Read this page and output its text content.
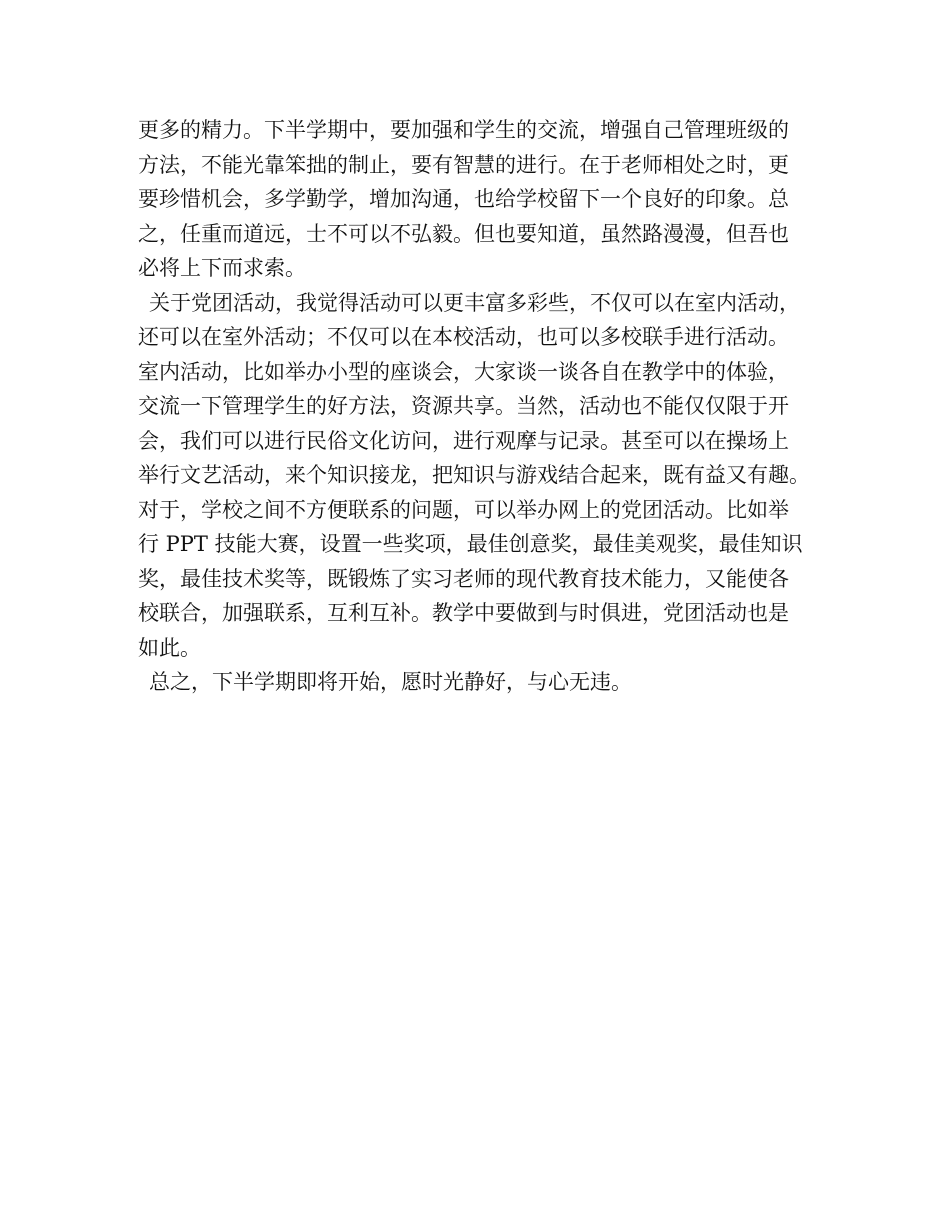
更多的精力。下半学期中，要加强和学生的交流，增强自己管理班级的
方法，不能光靠笨拙的制止，要有智慧的进行。在于老师相处之时，更
要珍惜机会，多学勤学，增加沟通，也给学校留下一个良好的印象。总
之，任重而道远，士不可以不弘毅。但也要知道，虽然路漫漫，但吾也
必将上下而求索。
关于党团活动，我觉得活动可以更丰富多彩些，不仅可以在室内活动，
还可以在室外活动；不仅可以在本校活动，也可以多校联手进行活动。
室内活动，比如举办小型的座谈会，大家谈一谈各自在教学中的体验，
交流一下管理学生的好方法，资源共享。当然，活动也不能仅仅限于开
会，我们可以进行民俗文化访问，进行观摩与记录。甚至可以在操场上
举行文艺活动，来个知识接龙，把知识与游戏结合起来，既有益又有趣。
对于，学校之间不方便联系的问题，可以举办网上的党团活动。比如举
行 PPT 技能大赛，设置一些奖项，最佳创意奖，最佳美观奖，最佳知识
奖，最佳技术奖等，既锻炼了实习老师的现代教育技术能力，又能使各
校联合，加强联系，互利互补。教学中要做到与时俱进，党团活动也是
如此。
总之，下半学期即将开始，愿时光静好，与心无违。
